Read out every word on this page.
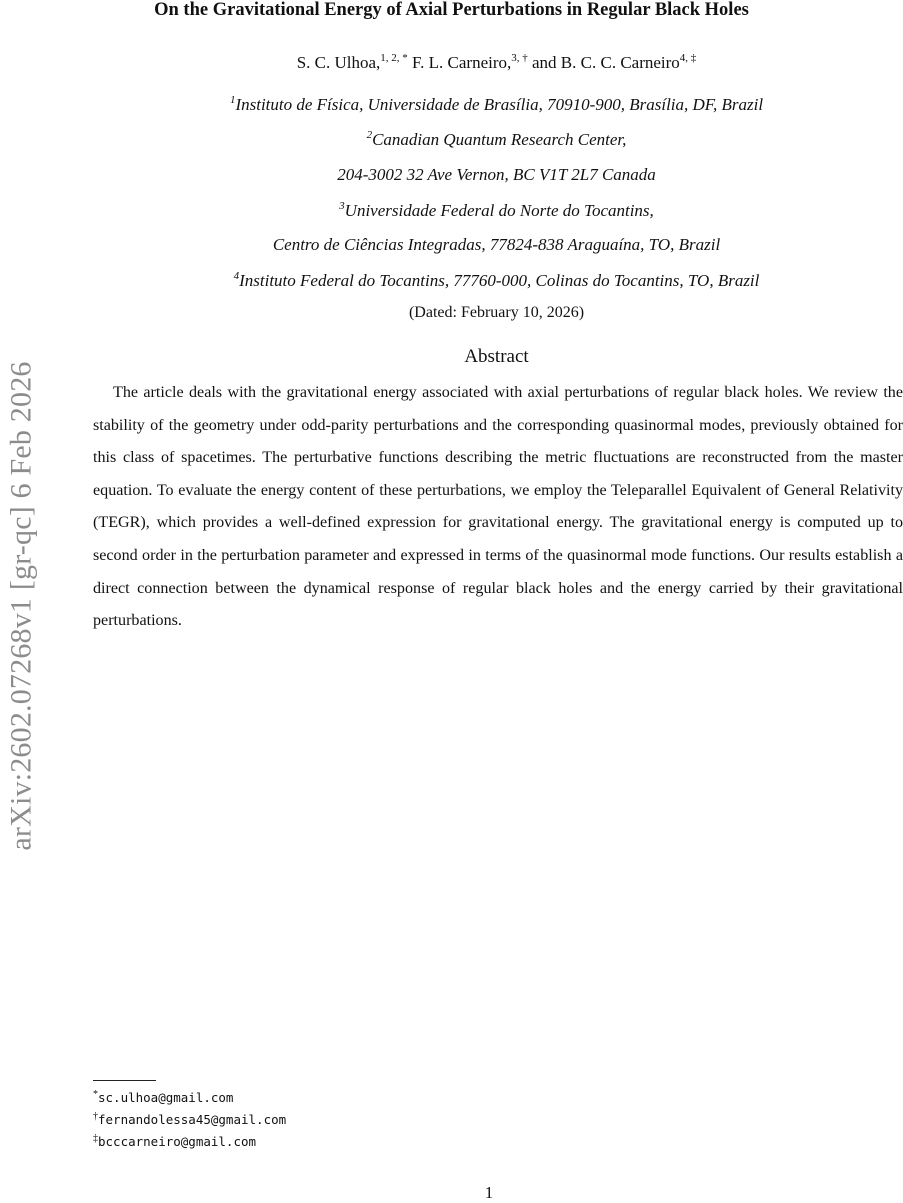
arXiv:2602.07268v1 [gr-qc] 6 Feb 2026
On the Gravitational Energy of Axial Perturbations in Regular Black Holes
S. C. Ulhoa,$^{1, 2, *}$ F. L. Carneiro,$^{3, \dagger}$ and B. C. C. Carneiro$^{4, \ddagger}$
$^1$Instituto de Física, Universidade de Brasília, 70910-900, Brasília, DF, Brazil
$^2$Canadian Quantum Research Center,
204-3002 32 Ave Vernon, BC V1T 2L7 Canada
$^3$Universidade Federal do Norte do Tocantins,
Centro de Ciências Integradas, 77824-838 Araguaína, TO, Brazil
$^4$Instituto Federal do Tocantins, 77760-000, Colinas do Tocantins, TO, Brazil
(Dated: February 10, 2026)
Abstract
The article deals with the gravitational energy associated with axial perturbations of regular black holes. We review the stability of the geometry under odd-parity perturbations and the corresponding quasinormal modes, previously obtained for this class of spacetimes. The perturbative functions describing the metric fluctuations are reconstructed from the master equation. To evaluate the energy content of these perturbations, we employ the Teleparallel Equivalent of General Relativity (TEGR), which provides a well-defined expression for gravitational energy. The gravitational energy is computed up to second order in the perturbation parameter and expressed in terms of the quasinormal mode functions. Our results establish a direct connection between the dynamical response of regular black holes and the energy carried by their gravitational perturbations.
*sc.ulhoa@gmail.com
†fernandolessa45@gmail.com
‡bcccarneiro@gmail.com
1
